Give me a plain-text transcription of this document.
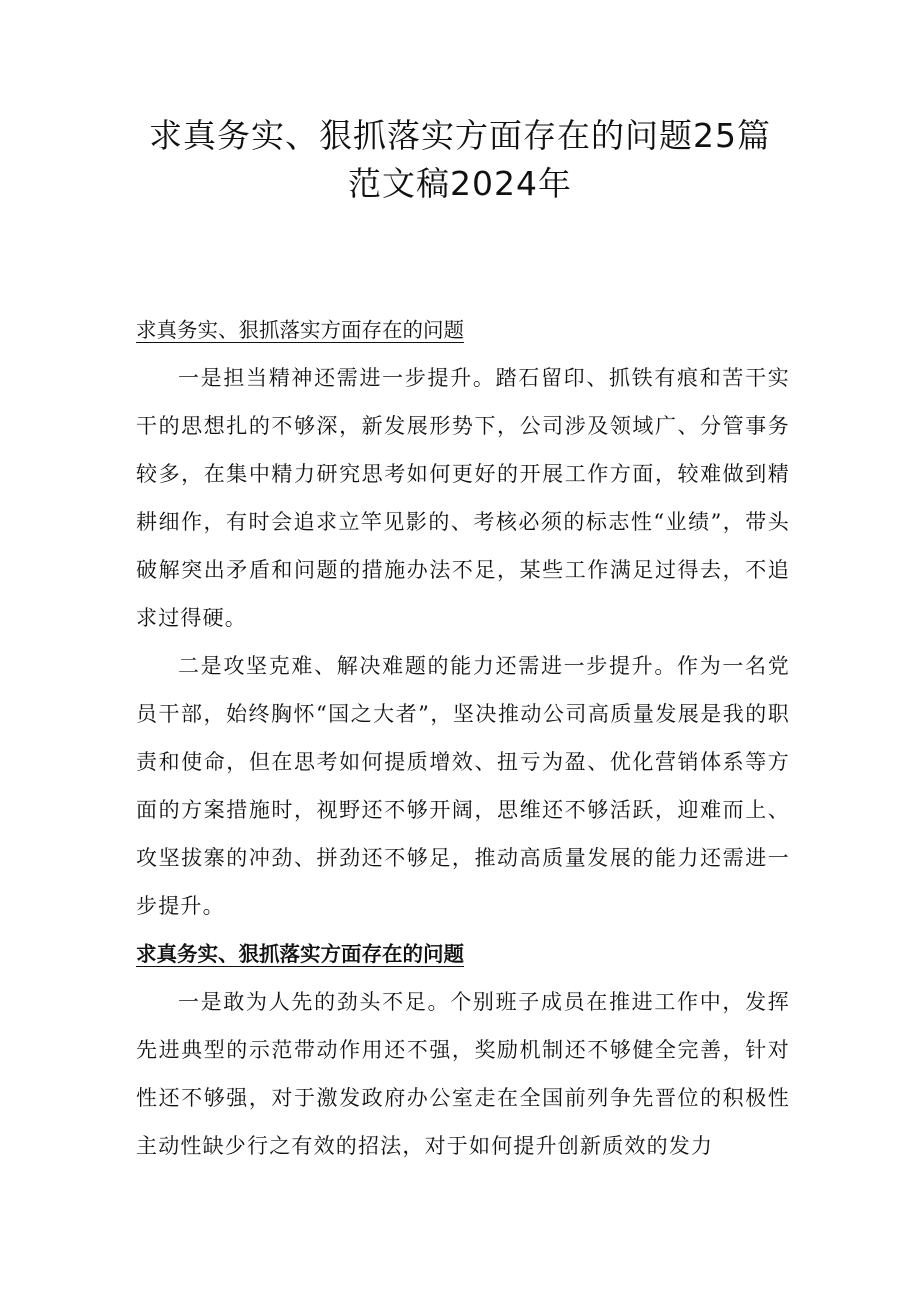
求真务实、狠抓落实方面存在的问题25篇
范文稿2024年

求真务实、狠抓落实方面存在的问题

一是担当精神还需进一步提升。踏石留印、抓铁有痕和苦干实干的思想扎的不够深，新发展形势下，公司涉及领域广、分管事务较多，在集中精力研究思考如何更好的开展工作方面，较难做到精耕细作，有时会追求立竿见影的、考核必须的标志性“业绩”，带头破解突出矛盾和问题的措施办法不足，某些工作满足过得去，不追求过得硬。

二是攻坚克难、解决难题的能力还需进一步提升。作为一名党员干部，始终胸怀“国之大者”，坚决推动公司高质量发展是我的职责和使命，但在思考如何提质增效、扭亏为盈、优化营销体系等方面的方案措施时，视野还不够开阔，思维还不够活跃，迎难而上、攻坚拔寨的冲劲、拼劲还不够足，推动高质量发展的能力还需进一步提升。

求真务实、狠抓落实方面存在的问题

一是敢为人先的劲头不足。个别班子成员在推进工作中，发挥先进典型的示范带动作用还不强，奖励机制还不够健全完善，针对性还不够强，对于激发政府办公室走在全国前列争先晋位的积极性主动性缺少行之有效的招法，对于如何提升创新质效的发力
